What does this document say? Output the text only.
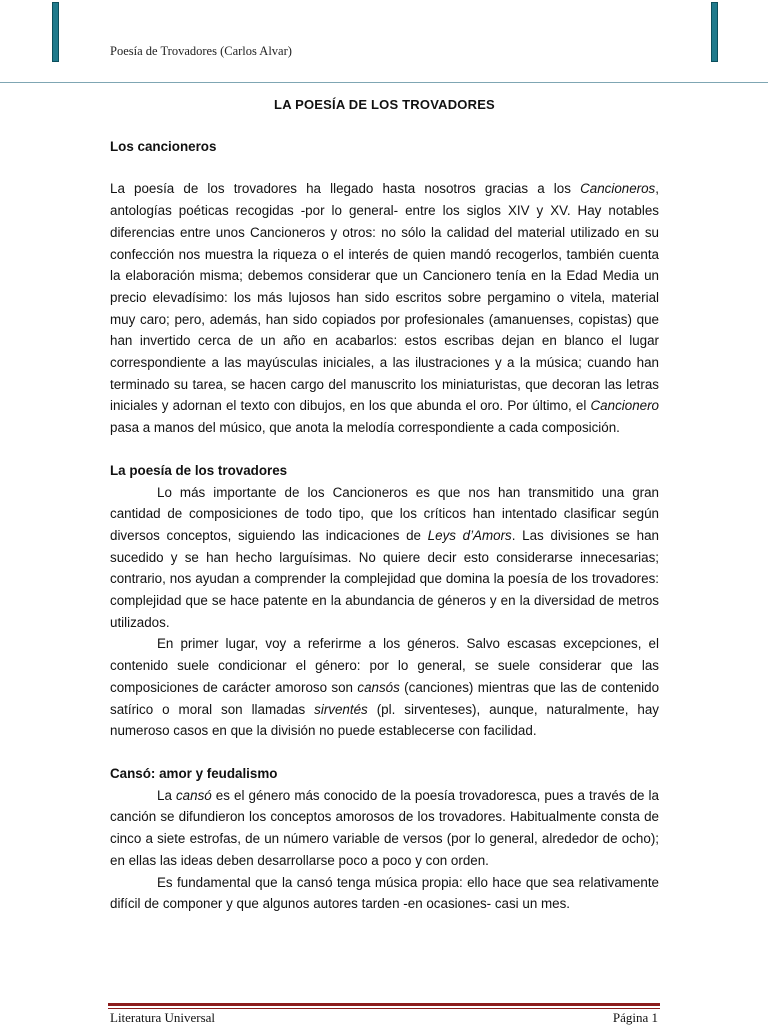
Poesía de Trovadores (Carlos Alvar)
LA POESÍA DE LOS TROVADORES
Los cancioneros

La poesía de los trovadores ha llegado hasta nosotros gracias a los Cancioneros, antologías poéticas recogidas -por lo general- entre los siglos XIV y XV. Hay notables diferencias entre unos Cancioneros y otros: no sólo la calidad del material utilizado en su confección nos muestra la riqueza o el interés de quien mandó recogerlos, también cuenta la elaboración misma; debemos considerar que un Cancionero tenía en la Edad Media un precio elevadísimo: los más lujosos han sido escritos sobre pergamino o vitela, material muy caro; pero, además, han sido copiados por profesionales (amanuenses, copistas) que han invertido cerca de un año en acabarlos: estos escribas dejan en blanco el lugar correspondiente a las mayúsculas iniciales, a las ilustraciones y a la música; cuando han terminado su tarea, se hacen cargo del manuscrito los miniaturistas, que decoran las letras iniciales y adornan el texto con dibujos, en los que abunda el oro. Por último, el Cancionero pasa a manos del músico, que anota la melodía correspondiente a cada composición.

La poesía de los trovadores

Lo más importante de los Cancioneros es que nos han transmitido una gran cantidad de composiciones de todo tipo, que los críticos han intentado clasificar según diversos conceptos, siguiendo las indicaciones de Leys d’Amors. Las divisiones se han sucedido y se han hecho larguísimas. No quiere decir esto considerarse innecesarias; contrario, nos ayudan a comprender la complejidad que domina la poesía de los trovadores: complejidad que se hace patente en la abundancia de géneros y en la diversidad de metros utilizados.

En primer lugar, voy a referirme a los géneros. Salvo escasas excepciones, el contenido suele condicionar el género: por lo general, se suele considerar que las composiciones de carácter amoroso son cansós (canciones) mientras que las de contenido satírico o moral son llamadas sirventés (pl. sirventeses), aunque, naturalmente, hay numeroso casos en que la división no puede establecerse con facilidad.

Cansó: amor y feudalismo

La cansó es el género más conocido de la poesía trovadoresca, pues a través de la canción se difundieron los conceptos amorosos de los trovadores. Habitualmente consta de cinco a siete estrofas, de un número variable de versos (por lo general, alrededor de ocho); en ellas las ideas deben desarrollarse poco a poco y con orden.

Es fundamental que la cansó tenga música propia: ello hace que sea relativamente difícil de componer y que algunos autores tarden -en ocasiones- casi un mes.

Literatura Universal	Página 1
